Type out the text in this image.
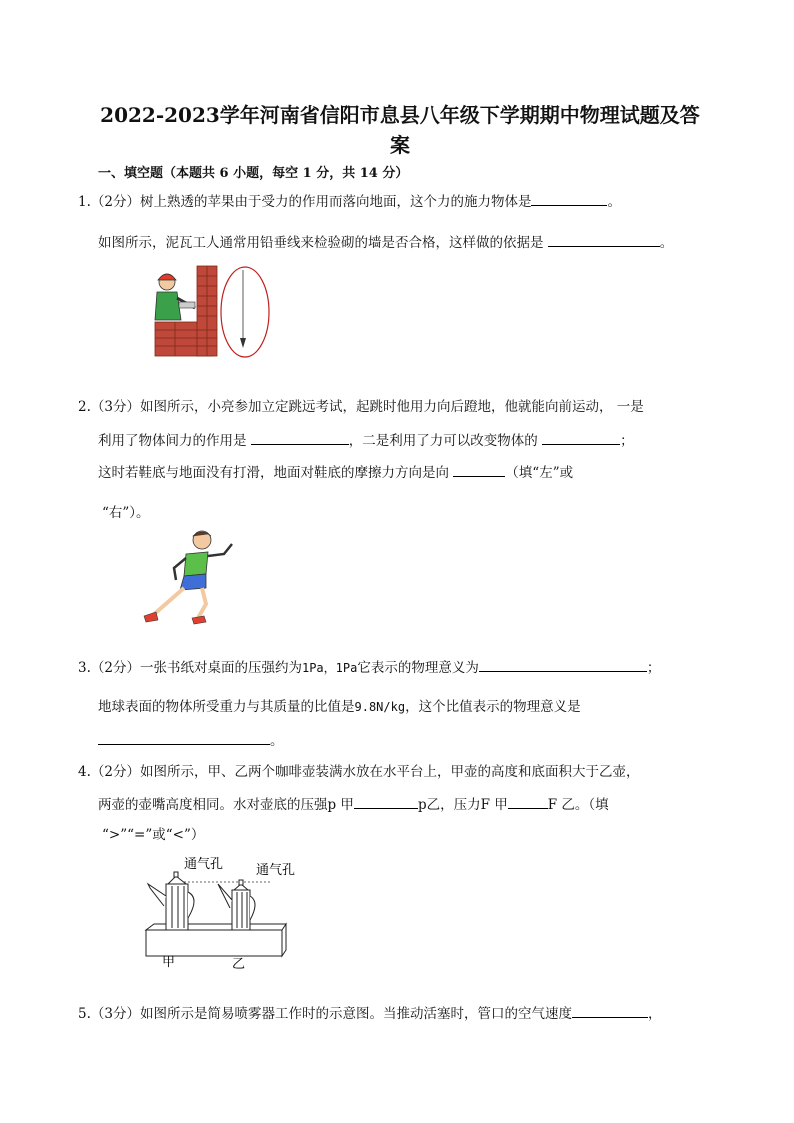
2022-2023学年河南省信阳市息县八年级下学期期中物理试题及答
案
一、填空题（本题共 6 小题，每空 1 分，共 14 分）
1.（2分）树上熟透的苹果由于受力的作用而落向地面，这个力的施力物体是	。
如图所示，泥瓦工人通常用铅垂线来检验砌的墙是否合格，这样做的依据是	。
2.（3分）如图所示，小亮参加立定跳远考试，起跳时他用力向后蹬地，他就能向前运动， 一是
利用了物体间力的作用是	，二是利用了力可以改变物体的	；
这时若鞋底与地面没有打滑，地面对鞋底的摩擦力方向是向	（填“左”或
“右”）。
3.（2分）一张书纸对桌面的压强约为1Pa，1Pa它表示的物理意义为	；
地球表面的物体所受重力与其质量的比值是9.8N/kg，这个比值表示的物理意义是
。
4.（2分）如图所示，甲、乙两个咖啡壶装满水放在水平台上，甲壶的高度和底面积大于乙壶，
两壶的壶嘴高度相同。水对壶底的压强p 甲	p乙，压力F 甲	F 乙。（填
“>”“=”或“<”）
通气孔	通气孔
甲	乙
5.（3分）如图所示是简易喷雾器工作时的示意图。当推动活塞时，管口的空气速度	，
